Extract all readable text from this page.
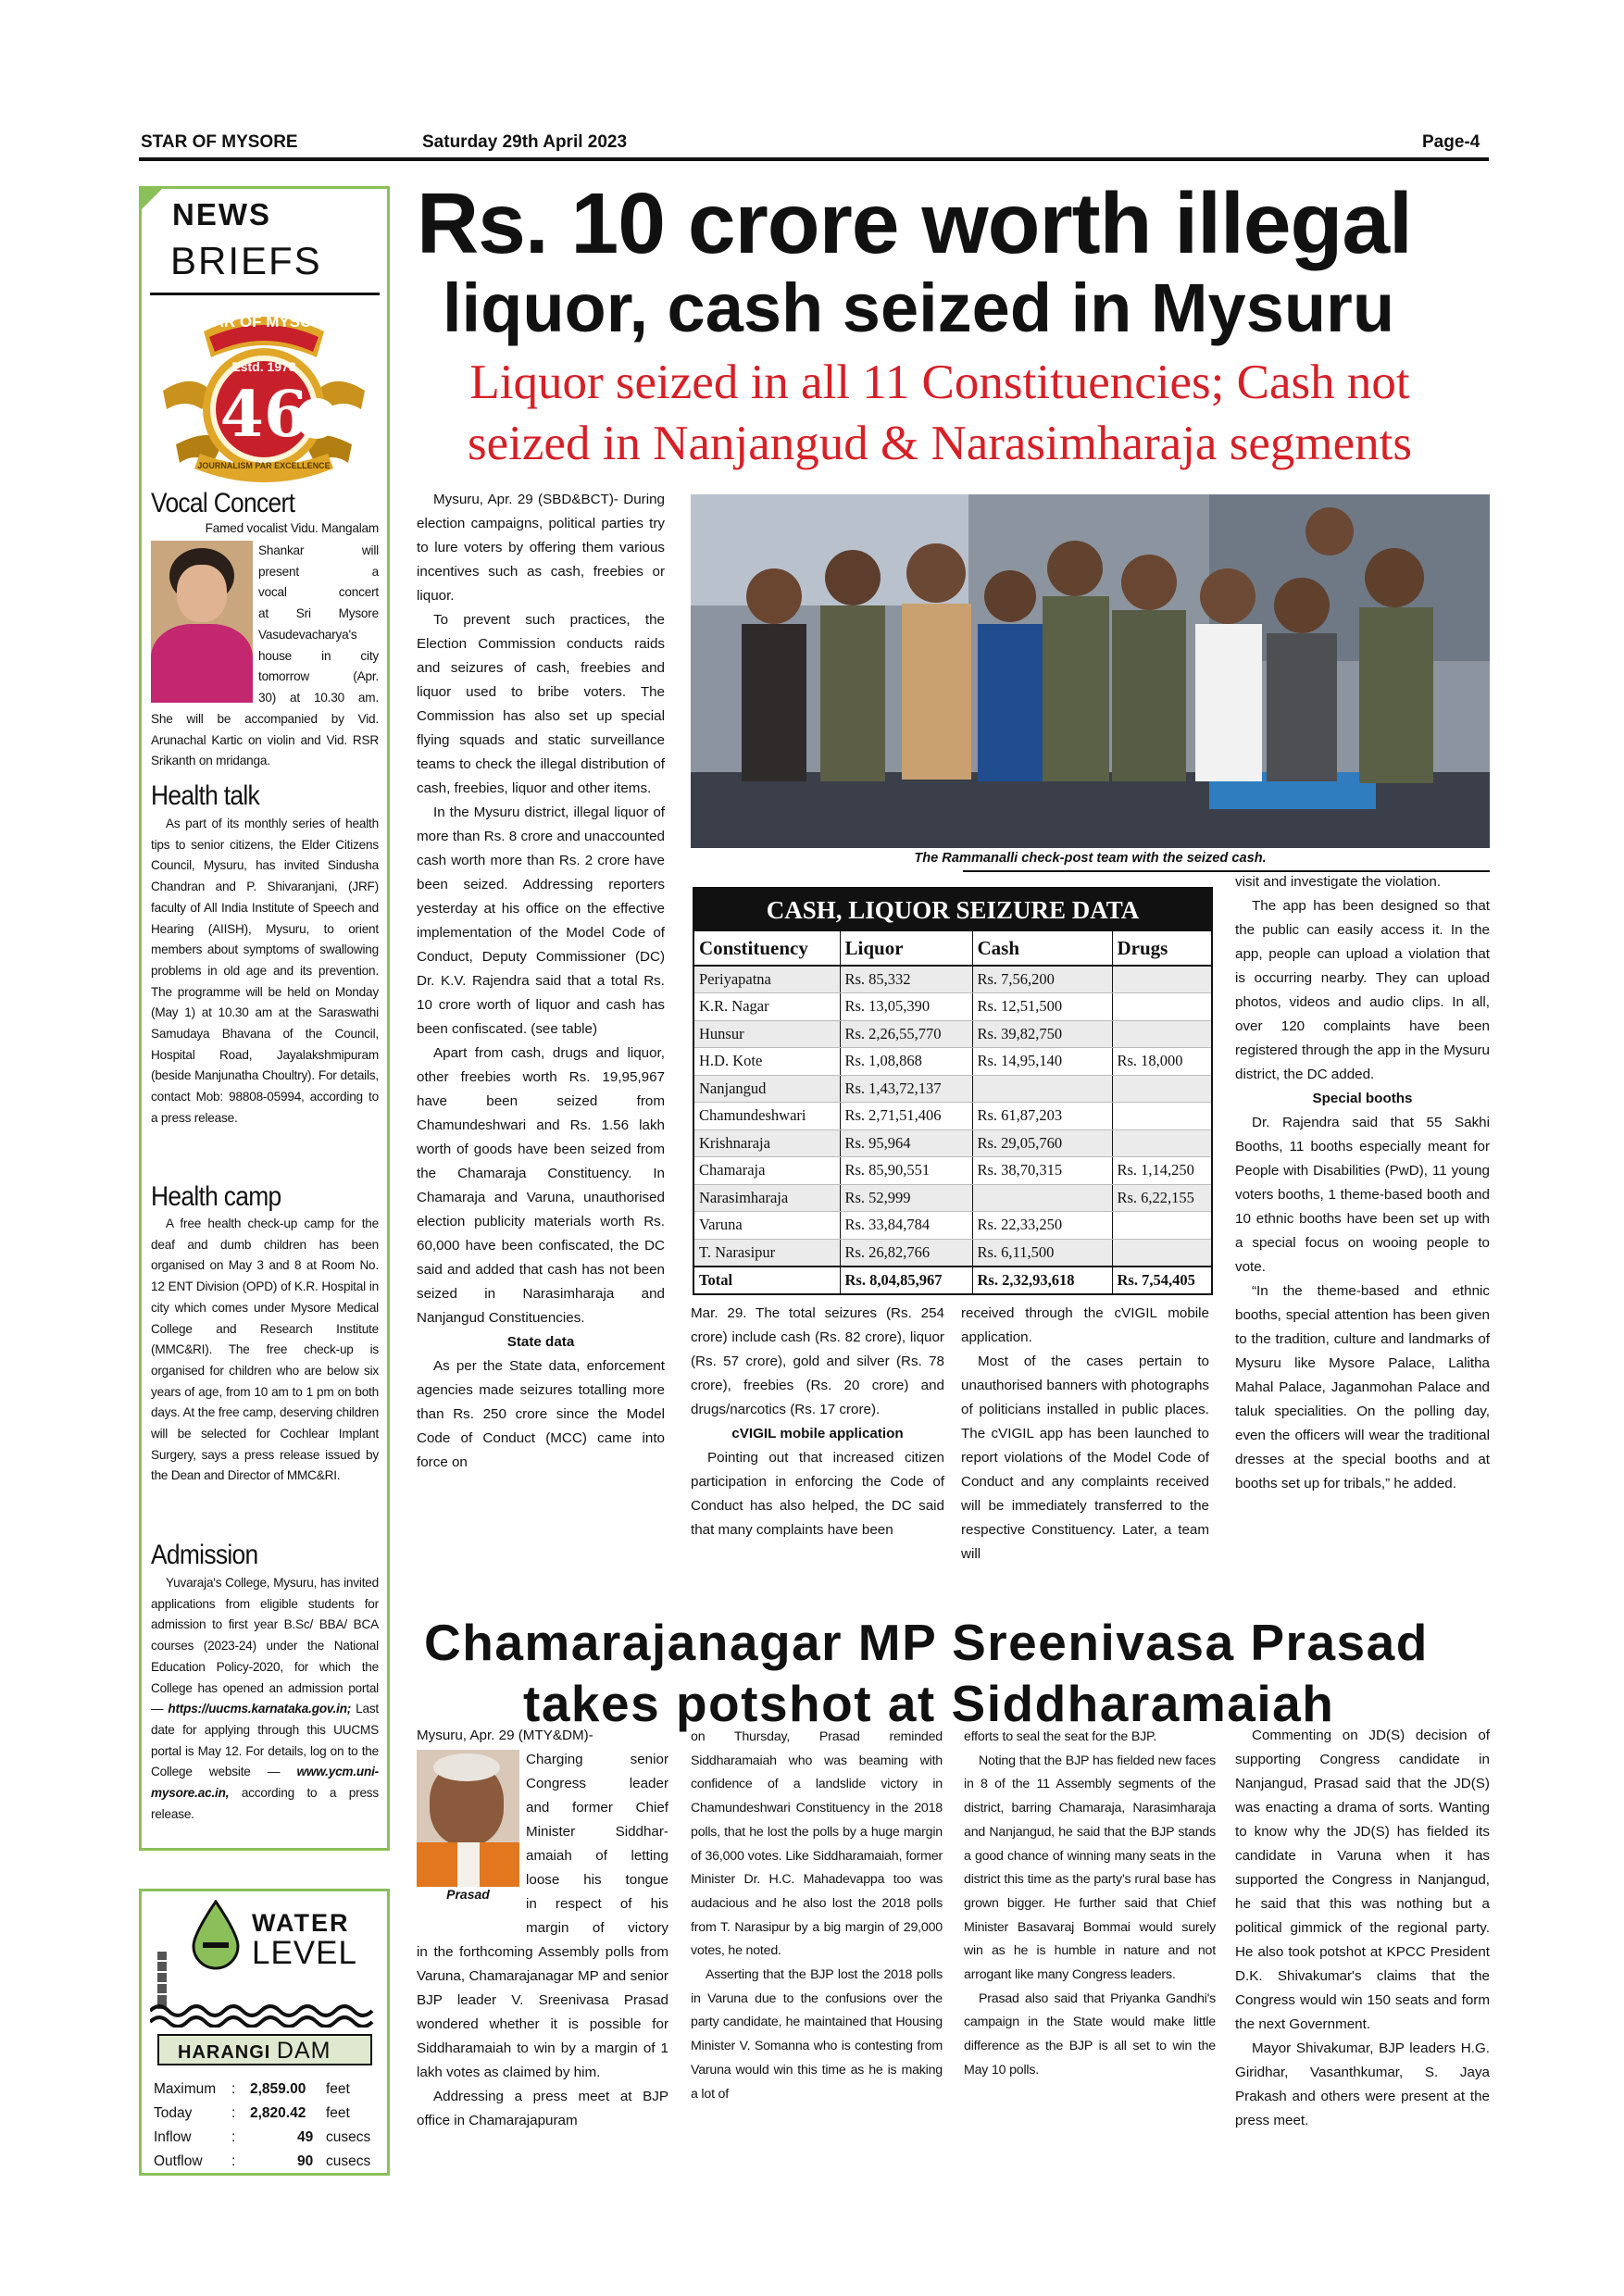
STAR OF MYSORE	Saturday 29th April 2023	Page-4
NEWS
BRIEFS
STAR OF MYSORE
Estd. 1978
46
JOURNALISM PAR EXCELLENCE
Vocal Concert
Famed vocalist Vidu. Mangalam
Shankar will
present a
vocal concert
at Sri Mysore
Vasudevacharya's
house in city
tomorrow (Apr.
30) at 10.30 am.
She will be accompanied by Vid. Arunachal Kartic on violin and Vid. RSR Srikanth on mridanga.
Health talk

As part of its monthly series of health tips to senior citizens, the Elder Citizens Council, Mysuru, has invited Sindusha Chandran and P. Shivaranjani, (JRF) faculty of All India Institute of Speech and Hearing (AIISH), Mysuru, to orient members about symptoms of swallowing problems in old age and its prevention. The programme will be held on Monday (May 1) at 10.30 am at the Saraswathi Samudaya Bhavana of the Council, Hospital Road, Jayalakshmipuram (beside Manjunatha Choultry). For details, contact Mob: 98808-05994, according to a press release.

Health camp

A free health check-up camp for the deaf and dumb children has been organised on May 3 and 8 at Room No. 12 ENT Division (OPD) of K.R. Hospital in city which comes under Mysore Medical College and Research Institute (MMC&RI). The free check-up is organised for children who are below six years of age, from 10 am to 1 pm on both days. At the free camp, deserving children will be selected for Cochlear Implant Surgery, says a press release issued by the Dean and Director of MMC&RI.

Admission

Yuvaraja's College, Mysuru, has invited applications from eligible students for admission to first year B.Sc/ BBA/ BCA courses (2023-24) under the National Education Policy-2020, for which the College has opened an admission portal — https://uucms.karnataka.gov.in; Last date for applying through this UUCMS portal is May 12. For details, log on to the College website — www.ycm.uni-mysore.ac.in, according to a press release.

WATER
LEVEL
HARANGI DAM
Maximum : 2,859.00 feet
Today	: 2,820.42 feet
Inflow	:	49 cusecs
Outflow :	90 cusecs
Rs. 10 crore worth illegal
liquor, cash seized in Mysuru
Liquor seized in all 11 Constituencies; Cash not
seized in Nanjangud & Narasimharaja segments

Mysuru, Apr. 29 (SBD&BCT)- During election campaigns, political parties try to lure voters by offering them various incentives such as cash, freebies or liquor.

To prevent such practices, the Election Commission conducts raids and seizures of cash, freebies and liquor used to bribe voters. The Commission has also set up special flying squads and static surveillance teams to check the illegal distribution of cash, freebies, liquor and other items.

In the Mysuru district, illegal liquor of more than Rs. 8 crore and unaccounted cash worth more than Rs. 2 crore have been seized. Addressing reporters yesterday at his office on the effective implementation of the Model Code of Conduct, Deputy Commissioner (DC) Dr. K.V. Rajendra said that a total Rs. 10 crore worth of liquor and cash has been confiscated. (see table)

Apart from cash, drugs and liquor, other freebies worth Rs. 19,95,967 have been seized from Chamundeshwari and Rs. 1.56 lakh worth of goods have been seized from the Chamaraja Constituency. In Chamaraja and Varuna, unauthorised election publicity materials worth Rs. 60,000 have been confiscated, the DC said and added that cash has not been seized in Narasimharaja and Nanjangud Constituencies.

State data

As per the State data, enforcement agencies made seizures totalling more than Rs. 250 crore since the Model Code of Conduct (MCC) came into force on

The Rammanalli check-post team with the seized cash.
CASH, LIQUOR SEIZURE DATA
Constituency	Liquor	Cash	Drugs
Periyapatna	Rs. 85,332	Rs. 7,56,200	
K.R. Nagar	Rs. 13,05,390	Rs. 12,51,500	
Hunsur	Rs. 2,26,55,770	Rs. 39,82,750	
H.D. Kote	Rs. 1,08,868	Rs. 14,95,140	Rs. 18,000
Nanjangud	Rs. 1,43,72,137		
Chamundeshwari	Rs. 2,71,51,406	Rs. 61,87,203	
Krishnaraja	Rs. 95,964	Rs. 29,05,760	
Chamaraja	Rs. 85,90,551	Rs. 38,70,315	Rs. 1,14,250
Narasimharaja	Rs. 52,999		Rs. 6,22,155
Varuna	Rs. 33,84,784	Rs. 22,33,250	
T. Narasipur	Rs. 26,82,766	Rs. 6,11,500	
Total	Rs. 8,04,85,967	Rs. 2,32,93,618	Rs. 7,54,405

Mar. 29. The total seizures (Rs. 254 crore) include cash (Rs. 82 crore), liquor (Rs. 57 crore), gold and silver (Rs. 78 crore), freebies (Rs. 20 crore) and drugs/narcotics (Rs. 17 crore).

cVIGIL mobile application

Pointing out that increased citizen participation in enforcing the Code of Conduct has also helped, the DC said that many complaints have been

received through the cVIGIL mobile application.

Most of the cases pertain to unauthorised banners with photographs of politicians installed in public places. The cVIGIL app has been launched to report violations of the Model Code of Conduct and any complaints received will be immediately transferred to the respective Constituency. Later, a team will

visit and investigate the violation.

The app has been designed so that the public can easily access it. In the app, people can upload a violation that is occurring nearby. They can upload photos, videos and audio clips. In all, over 120 complaints have been registered through the app in the Mysuru district, the DC added.

Special booths

Dr. Rajendra said that 55 Sakhi Booths, 11 booths especially meant for People with Disabilities (PwD), 11 young voters booths, 1 theme-based booth and 10 ethnic booths have been set up with a special focus on wooing people to vote.

“In the theme-based and ethnic booths, special attention has been given to the tradition, culture and landmarks of Mysuru like Mysore Palace, Lalitha Mahal Palace, Jaganmohan Palace and taluk specialities. On the polling day, even the officers will wear the traditional dresses at the special booths and at booths set up for tribals,” he added.

Chamarajanagar MP Sreenivasa Prasad
takes potshot at Siddharamaiah

Mysuru, Apr. 29 (MTY&DM)-

Prasad
Charging senior
Congress leader
and former Chief
Minister Siddhar-
amaiah of letting
loose his tongue
in respect of his
margin of victory

in the forthcoming Assembly polls from Varuna, Chamarajanagar MP and senior BJP leader V. Sreenivasa Prasad wondered whether it is possible for Siddharamaiah to win by a margin of 1 lakh votes as claimed by him.

Addressing a press meet at BJP office in Chamarajapuram

on Thursday, Prasad reminded Siddharamaiah who was beaming with confidence of a landslide victory in Chamundeshwari Constituency in the 2018 polls, that he lost the polls by a huge margin of 36,000 votes. Like Siddharamaiah, former Minister Dr. H.C. Mahadevappa too was audacious and he also lost the 2018 polls from T. Narasipur by a big margin of 29,000 votes, he noted.

Asserting that the BJP lost the 2018 polls in Varuna due to the confusions over the party candidate, he maintained that Housing Minister V. Somanna who is contesting from Varuna would win this time as he is making a lot of

efforts to seal the seat for the BJP.

Noting that the BJP has fielded new faces in 8 of the 11 Assembly segments of the district, barring Chamaraja, Narasimharaja and Nanjangud, he said that the BJP stands a good chance of winning many seats in the district this time as the party's rural base has grown bigger. He further said that Chief Minister Basavaraj Bommai would surely win as he is humble in nature and not arrogant like many Congress leaders.

Prasad also said that Priyanka Gandhi's campaign in the State would make little difference as the BJP is all set to win the May 10 polls.

Commenting on JD(S) decision of supporting Congress candidate in Nanjangud, Prasad said that the JD(S) was enacting a drama of sorts. Wanting to know why the JD(S) has fielded its candidate in Varuna when it has supported the Congress in Nanjangud, he said that this was nothing but a political gimmick of the regional party. He also took potshot at KPCC President D.K. Shivakumar's claims that the Congress would win 150 seats and form the next Government.

Mayor Shivakumar, BJP leaders H.G. Giridhar, Vasanthkumar, S. Jaya Prakash and others were present at the press meet.
